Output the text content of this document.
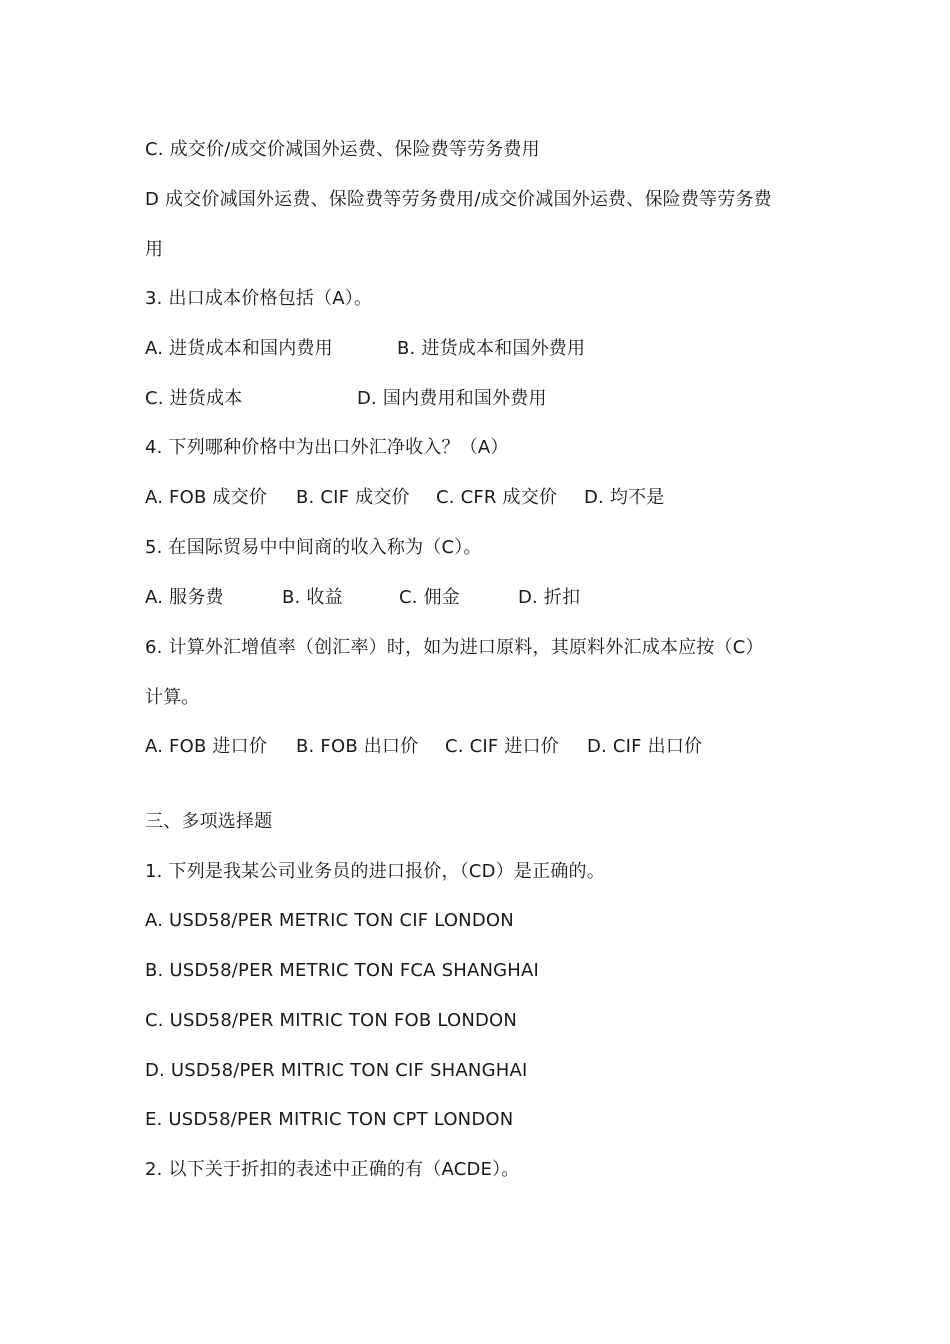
C. 成交价/成交价减国外运费、保险费等劳务费用
D 成交价减国外运费、保险费等劳务费用/成交价减国外运费、保险费等劳务费
用
3. 出口成本价格包括（A）。
A. 进货成本和国内费用	B. 进货成本和国外费用
C. 进货成本	D. 国内费用和国外费用
4. 下列哪种价格中为出口外汇净收入？（A）
A. FOB 成交价 B. CIF 成交价 C. CFR 成交价 D. 均不是
5. 在国际贸易中中间商的收入称为（C）。
A. 服务费	B. 收益	C. 佣金	D. 折扣
6. 计算外汇增值率（创汇率）时，如为进口原料，其原料外汇成本应按（C）
计算。
A. FOB 进口价 B. FOB 出口价 C. CIF 进口价 D. CIF 出口价
三、多项选择题
1. 下列是我某公司业务员的进口报价，（CD）是正确的。
A. USD58/PER METRIC TON CIF LONDON
B. USD58/PER METRIC TON FCA SHANGHAI
C. USD58/PER MITRIC TON FOB LONDON
D. USD58/PER MITRIC TON CIF SHANGHAI
E. USD58/PER MITRIC TON CPT LONDON
2. 以下关于折扣的表述中正确的有（ACDE）。
